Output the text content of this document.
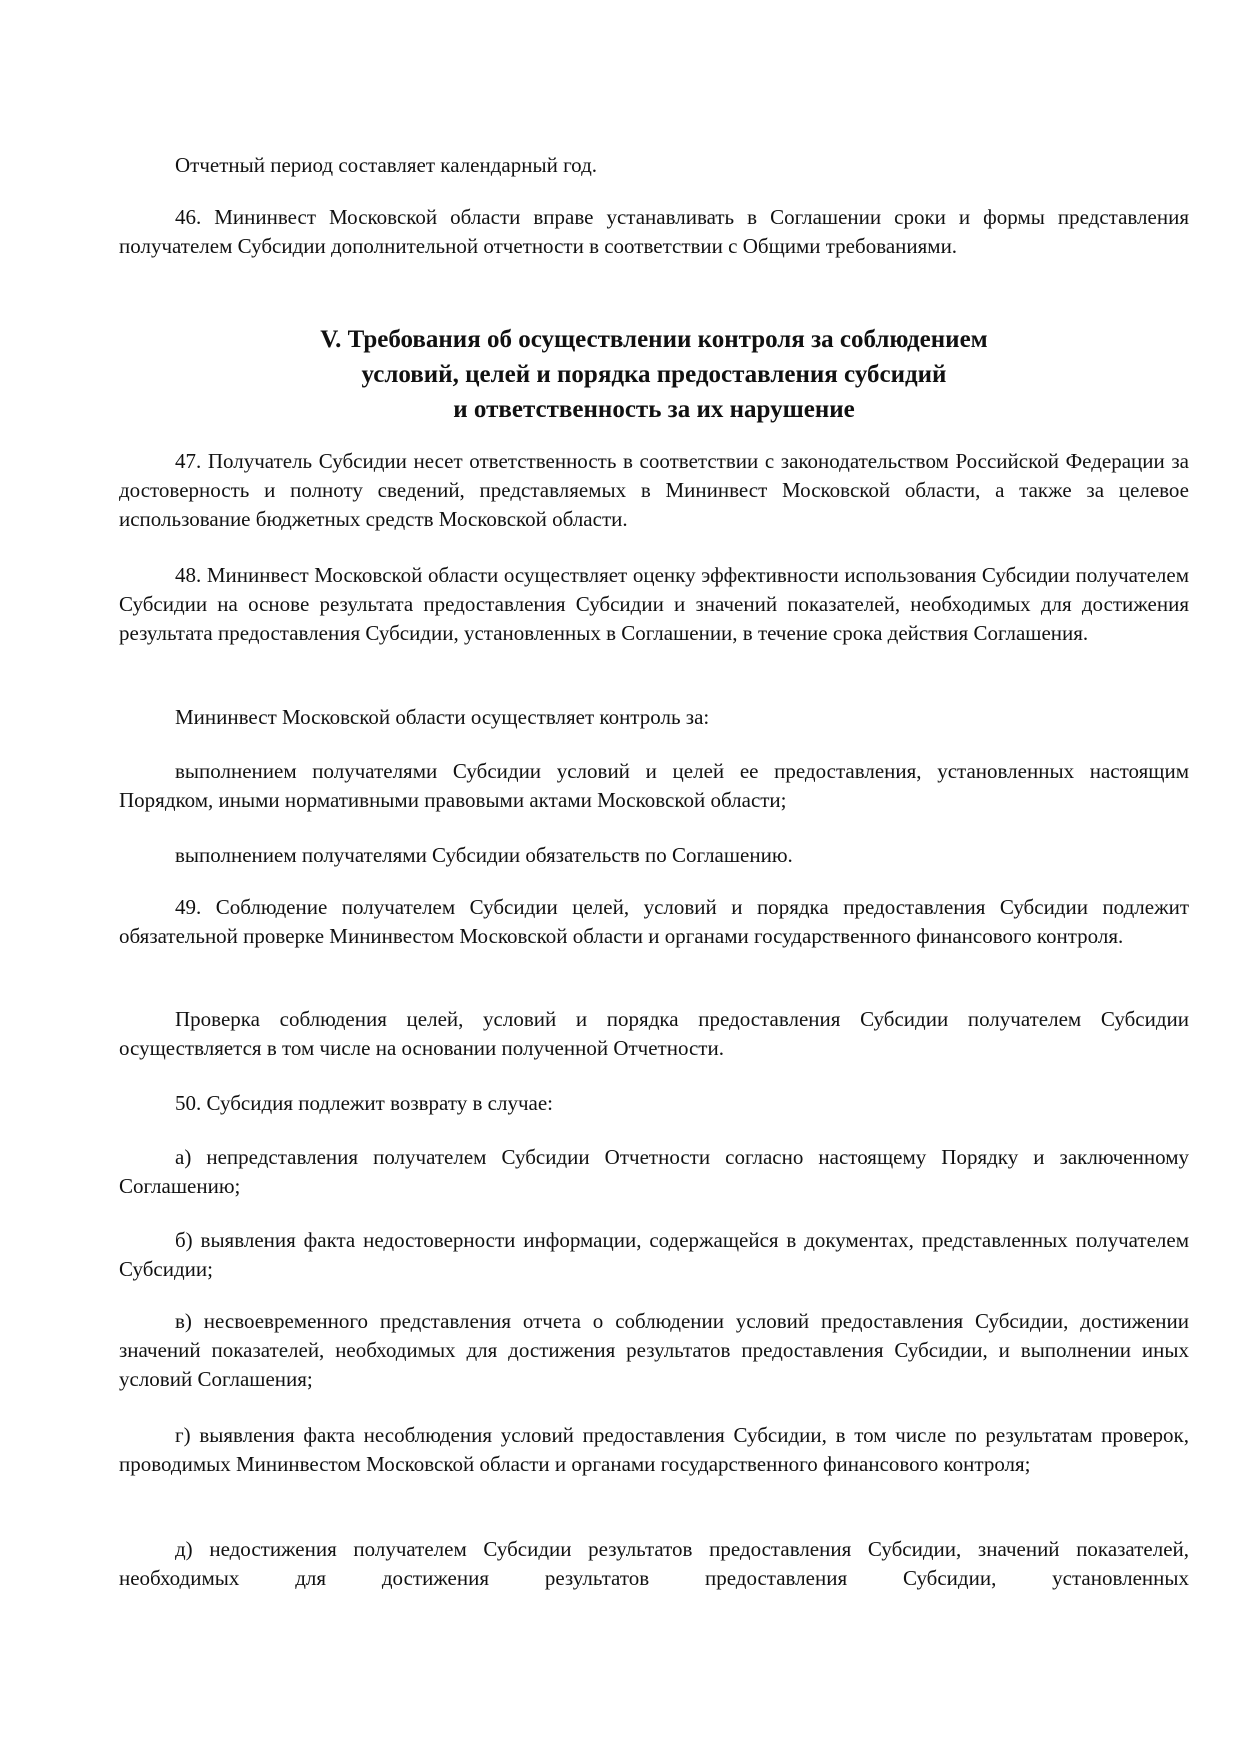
Отчетный период составляет календарный год.

46. Мининвест Московской области вправе устанавливать в Соглашении сроки и формы представления получателем Субсидии дополнительной отчетности в соответствии с Общими требованиями.

V. Требования об осуществлении контроля за соблюдением
условий, целей и порядка предоставления субсидий
и ответственность за их нарушение

47. Получатель Субсидии несет ответственность в соответствии с законодательством Российской Федерации за достоверность и полноту сведений, представляемых в Мининвест Московской области, а также за целевое использование бюджетных средств Московской области.

48. Мининвест Московской области осуществляет оценку эффективности использования Субсидии получателем Субсидии на основе результата предоставления Субсидии и значений показателей, необходимых для достижения результата предоставления Субсидии, установленных в Соглашении, в течение срока действия Соглашения.

Мининвест Московской области осуществляет контроль за:

выполнением получателями Субсидии условий и целей ее предоставления, установленных настоящим Порядком, иными нормативными правовыми актами Московской области;

выполнением получателями Субсидии обязательств по Соглашению.

49. Соблюдение получателем Субсидии целей, условий и порядка предоставления Субсидии подлежит обязательной проверке Мининвестом Московской области и органами государственного финансового контроля.

Проверка соблюдения целей, условий и порядка предоставления Субсидии получателем Субсидии осуществляется в том числе на основании полученной Отчетности.

50. Субсидия подлежит возврату в случае:

а) непредставления получателем Субсидии Отчетности согласно настоящему Порядку и заключенному Соглашению;

б) выявления факта недостоверности информации, содержащейся в документах, представленных получателем Субсидии;

в) несвоевременного представления отчета о соблюдении условий предоставления Субсидии, достижении значений показателей, необходимых для достижения результатов предоставления Субсидии, и выполнении иных условий Соглашения;

г) выявления факта несоблюдения условий предоставления Субсидии, в том числе по результатам проверок, проводимых Мининвестом Московской области и органами государственного финансового контроля;

д) недостижения получателем Субсидии результатов предоставления Субсидии, значений показателей, необходимых для достижения результатов предоставления Субсидии, установленных
